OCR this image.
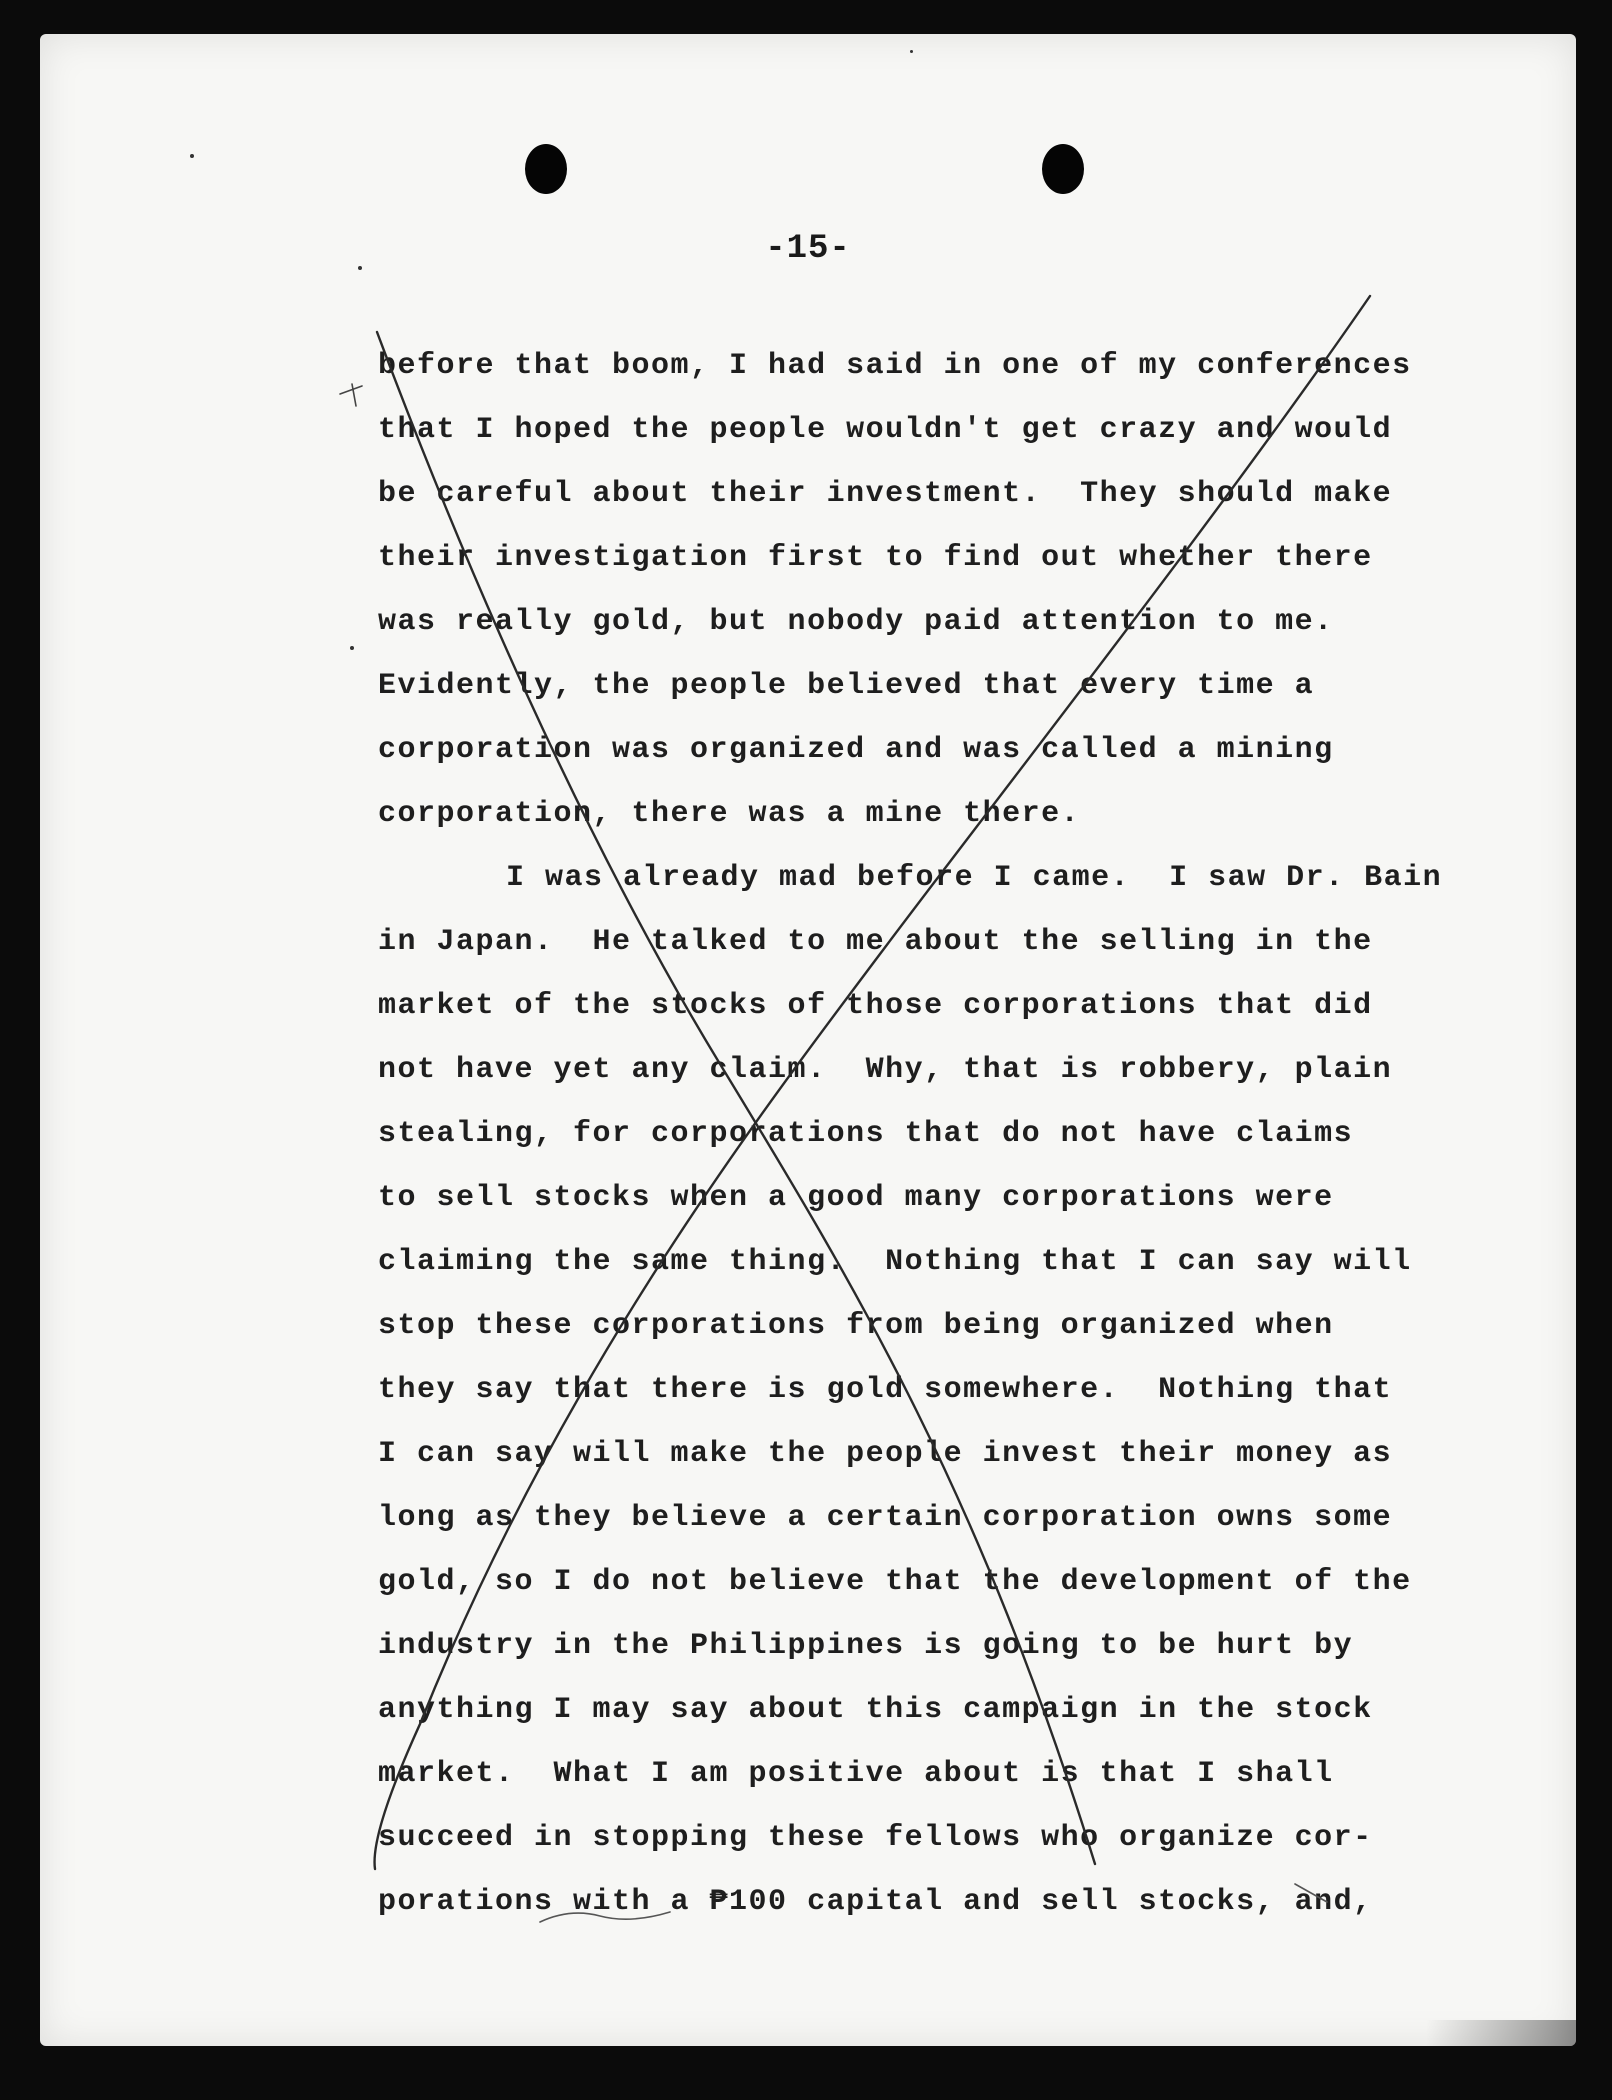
-15-
before that boom, I had said in one of my conferences
that I hoped the people wouldn't get crazy and would
be careful about their investment.  They should make
their investigation first to find out whether there
was really gold, but nobody paid attention to me.
Evidently, the people believed that every time a
corporation was organized and was called a mining
corporation, there was a mine there.
I was already mad before I came.  I saw Dr. Bain
in Japan.  He talked to me about the selling in the
market of the stocks of those corporations that did
not have yet any claim.  Why, that is robbery, plain
stealing, for corporations that do not have claims
to sell stocks when a good many corporations were
claiming the same thing.  Nothing that I can say will
stop these corporations from being organized when
they say that there is gold somewhere.  Nothing that
I can say will make the people invest their money as
long as they believe a certain corporation owns some
gold, so I do not believe that the development of the
industry in the Philippines is going to be hurt by
anything I may say about this campaign in the stock
market.  What I am positive about is that I shall
succeed in stopping these fellows who organize cor-
porations with a ₱100 capital and sell stocks, and,
